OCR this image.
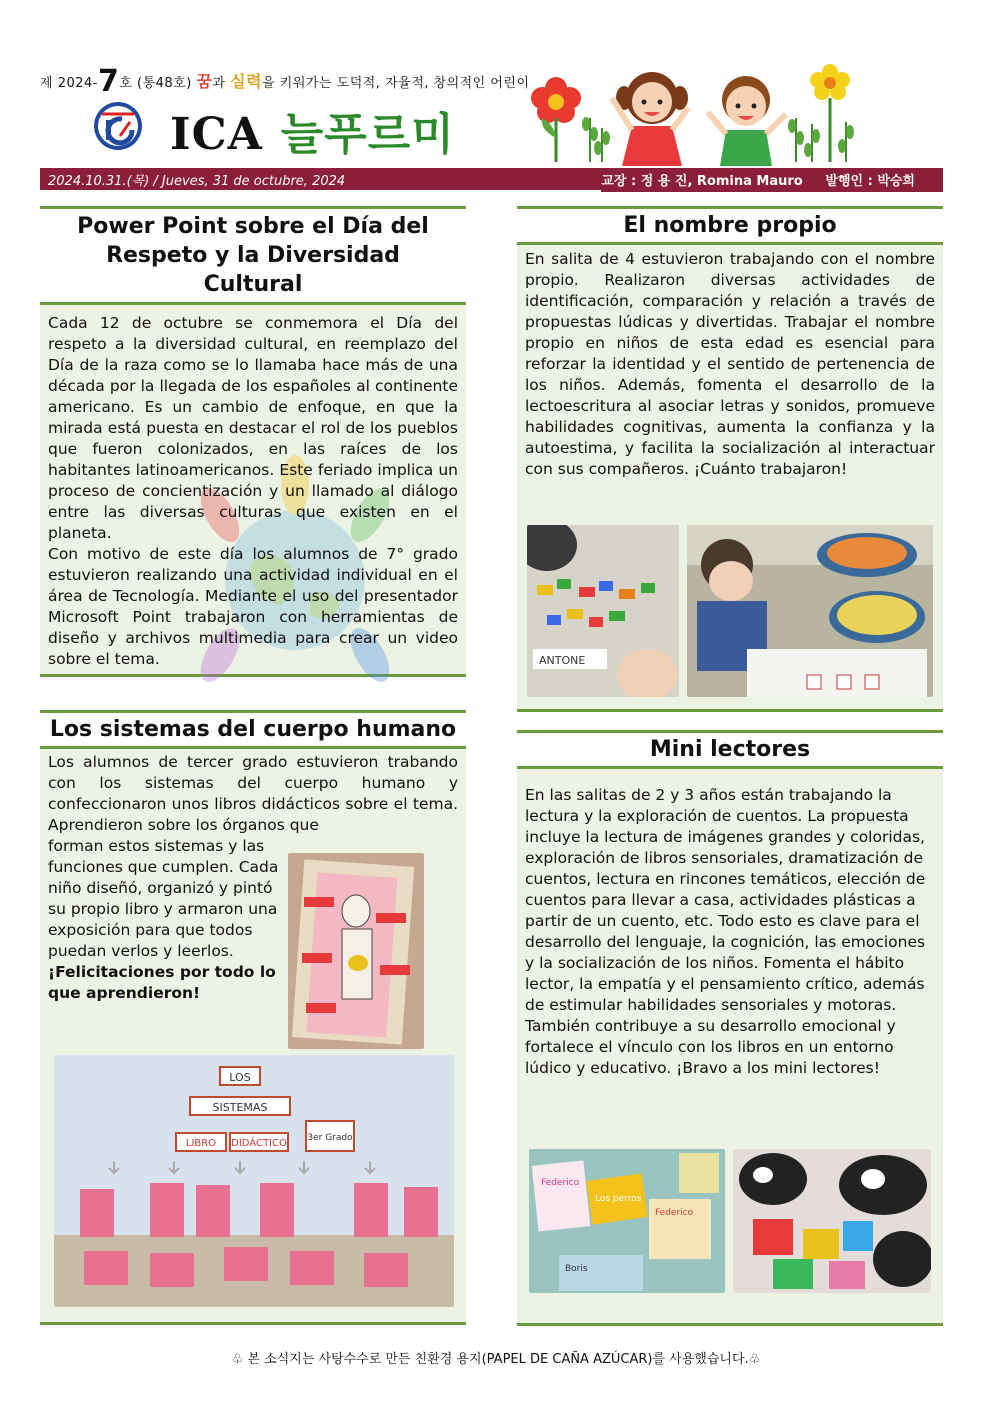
제 2024-7호 (통48호) 꿈과 실력을 키워가는 도덕적, 자율적, 창의적인 어린이
ICA 늘푸르미
2024.10.31.(목) / Jueves, 31 de octubre, 2024	교장 : 정 용 진, Romina Mauro 발행인 : 박승희
Power Point sobre el Día del Respeto y la Diversidad Cultural

Cada 12 de octubre se conmemora el Día del respeto a la diversidad cultural, en reemplazo del Día de la raza como se lo llamaba hace más de una década por la llegada de los españoles al continente americano. Es un cambio de enfoque, en que la mirada está puesta en destacar el rol de los pueblos que fueron colonizados, en las raíces de los habitantes latinoamericanos. Este feriado implica un proceso de concientización y un llamado al diálogo entre las diversas culturas que existen en el planeta.

Con motivo de este día los alumnos de 7° grado estuvieron realizando una actividad individual en el área de Tecnología. Mediante el uso del presentador Microsoft Point trabajaron con herramientas de diseño y archivos multimedia para crear un video sobre el tema.

El nombre propio

En salita de 4 estuvieron trabajando con el nombre propio. Realizaron diversas actividades de identificación, comparación y relación a través de propuestas lúdicas y divertidas. Trabajar el nombre propio en niños de esta edad es esencial para reforzar la identidad y el sentido de pertenencia de los niños. Además, fomenta el desarrollo de la lectoescritura al asociar letras y sonidos, promueve habilidades cognitivas, aumenta la confianza y la autoestima, y facilita la socialización al interactuar con sus compañeros. ¡Cuánto trabajaron!

ANTONE
Los sistemas del cuerpo humano

Los alumnos de tercer grado estuvieron trabando con los sistemas del cuerpo humano y confeccionaron unos libros didácticos sobre el tema. Aprendieron sobre los órganos que

forman estos sistemas y las funciones que cumplen. Cada niño diseñó, organizó y pintó su propio libro y armaron una exposición para que todos puedan verlos y leerlos.

¡Felicitaciones por todo lo que aprendieron!

LOS
SISTEMAS
LIBRO DIDÁCTICO 3er Grado
Mini lectores

En las salitas de 2 y 3 años están trabajando la lectura y la exploración de cuentos. La propuesta incluye la lectura de imágenes grandes y coloridas, exploración de libros sensoriales, dramatización de cuentos, lectura en rincones temáticos, elección de cuentos para llevar a casa, actividades plásticas a partir de un cuento, etc. Todo esto es clave para el desarrollo del lenguaje, la cognición, las emociones y la socialización de los niños. Fomenta el hábito lector, la empatía y el pensamiento crítico, además de estimular habilidades sensoriales y motoras. También contribuye a su desarrollo emocional y fortalece el vínculo con los libros en un entorno lúdico y educativo. ¡Bravo a los mini lectores!

Federico
Los perros
Federico
Boris
♧ 본 소식지는 사탕수수로 만든 친환경 용지(PAPEL DE CAÑA AZÚCAR)를 사용했습니다.♧
